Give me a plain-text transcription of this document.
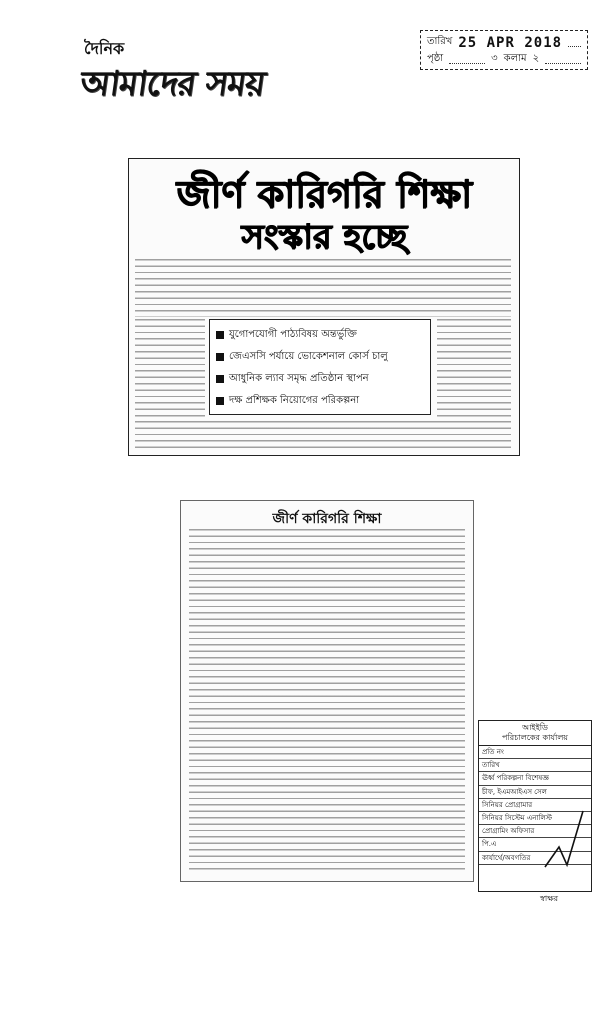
দৈনিক
আমাদের সময়
তারিখ 25 APR 2018
পৃষ্ঠা	৩ কলাম ২
জীর্ণ কারিগরি শিক্ষা
সংস্কার হচ্ছে
যুগোপযোগী পাঠ্যবিষয় অন্তর্ভুক্তি
জেএসসি পর্যায়ে ভোকেশনাল কোর্স চালু
আধুনিক ল্যাব সমৃদ্ধ প্রতিষ্ঠান স্থাপন
দক্ষ প্রশিক্ষক নিয়োগের পরিকল্পনা
জীর্ণ কারিগরি শিক্ষা
আইইডি
পরিচালকের কার্যালয়
প্রতি নং
তারিখ
ঊর্ধ্ব পরিকল্পনা বিশেষজ্ঞ
চীফ, ইএমআইএস সেল
সিনিয়র প্রোগ্রামার
সিনিয়র সিস্টেম এনালিস্ট
প্রোগ্রামিং অফিসার
পি.এ
কার্যার্থে/অবগতির
স্বাক্ষর
